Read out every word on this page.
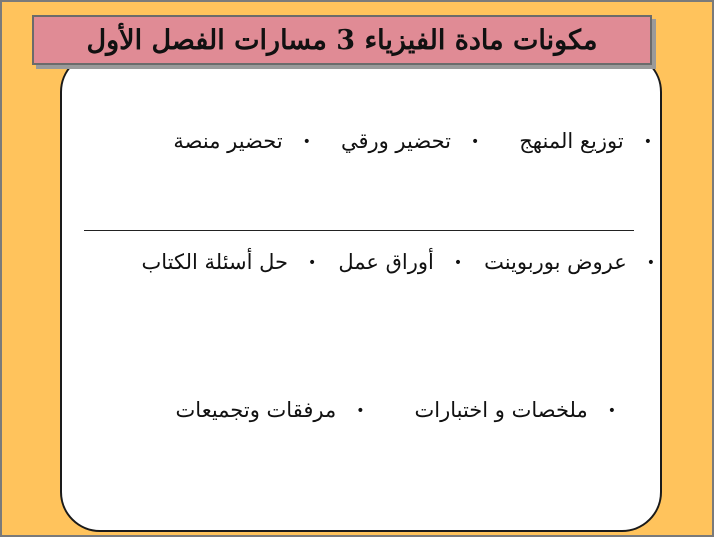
مكونات مادة الفيزياء 3 مسارات الفصل الأول
•
توزيع المنهج
•
تحضير ورقي
•
تحضير منصة
•
عروض بوربوينت
•
أوراق عمل
•
حل أسئلة الكتاب
•
ملخصات و اختبارات
•
مرفقات وتجميعات
